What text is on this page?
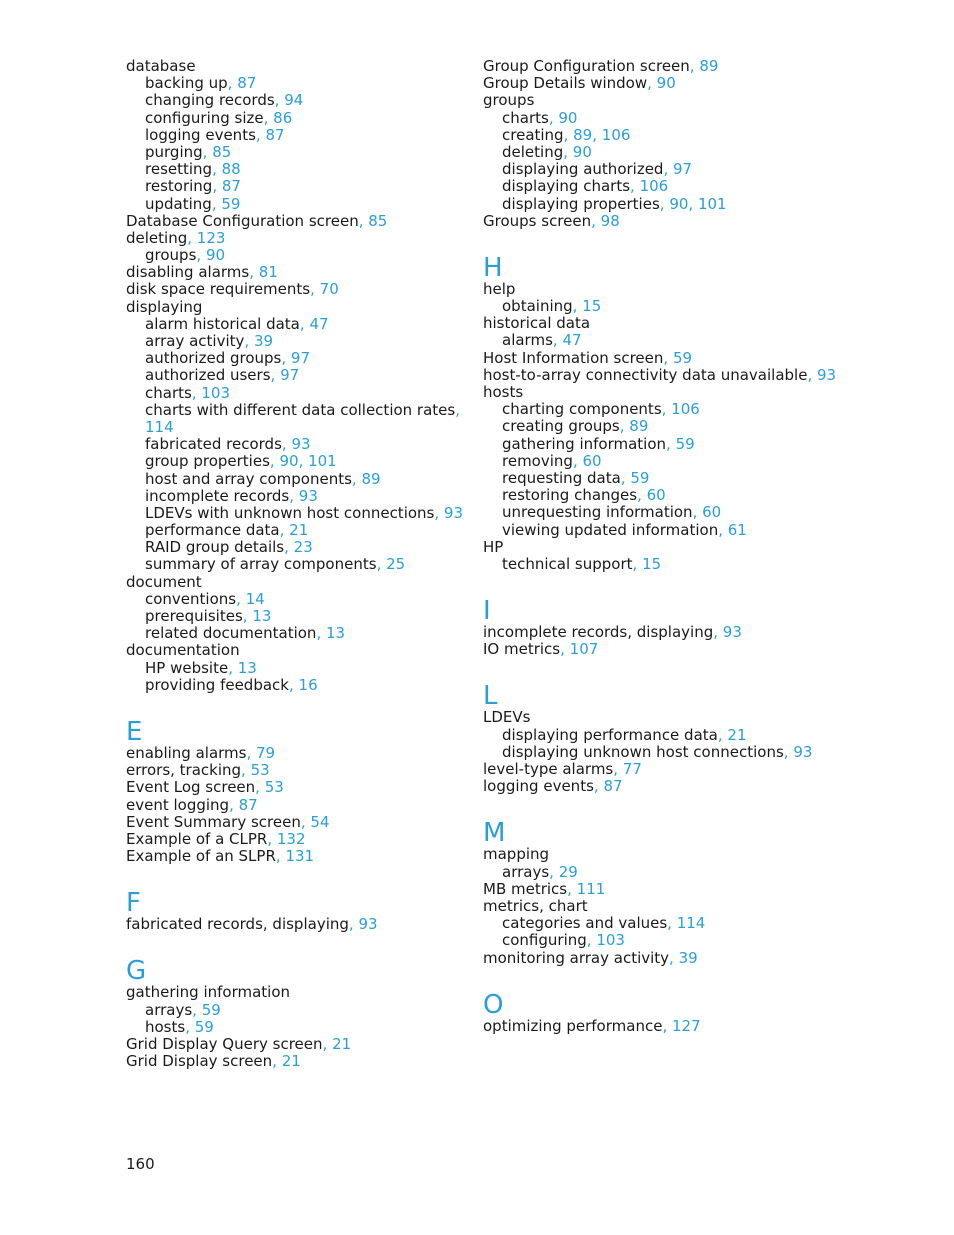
database
backing up, 87
changing records, 94
configuring size, 86
logging events, 87
purging, 85
resetting, 88
restoring, 87
updating, 59
Database Configuration screen, 85
deleting, 123
groups, 90
disabling alarms, 81
disk space requirements, 70
displaying
alarm historical data, 47
array activity, 39
authorized groups, 97
authorized users, 97
charts, 103
charts with different data collection rates,
114
fabricated records, 93
group properties, 90, 101
host and array components, 89
incomplete records, 93
LDEVs with unknown host connections, 93
performance data, 21
RAID group details, 23
summary of array components, 25
document
conventions, 14
prerequisites, 13
related documentation, 13
documentation
HP website, 13
providing feedback, 16
E
enabling alarms, 79
errors, tracking, 53
Event Log screen, 53
event logging, 87
Event Summary screen, 54
Example of a CLPR, 132
Example of an SLPR, 131
F
fabricated records, displaying, 93
G
gathering information
arrays, 59
hosts, 59
Grid Display Query screen, 21
Grid Display screen, 21
Group Configuration screen, 89
Group Details window, 90
groups
charts, 90
creating, 89, 106
deleting, 90
displaying authorized, 97
displaying charts, 106
displaying properties, 90, 101
Groups screen, 98
H
help
obtaining, 15
historical data
alarms, 47
Host Information screen, 59
host-to-array connectivity data unavailable, 93
hosts
charting components, 106
creating groups, 89
gathering information, 59
removing, 60
requesting data, 59
restoring changes, 60
unrequesting information, 60
viewing updated information, 61
HP
technical support, 15
I
incomplete records, displaying, 93
IO metrics, 107
L
LDEVs
displaying performance data, 21
displaying unknown host connections, 93
level-type alarms, 77
logging events, 87
M
mapping
arrays, 29
MB metrics, 111
metrics, chart
categories and values, 114
configuring, 103
monitoring array activity, 39
O
optimizing performance, 127
160
